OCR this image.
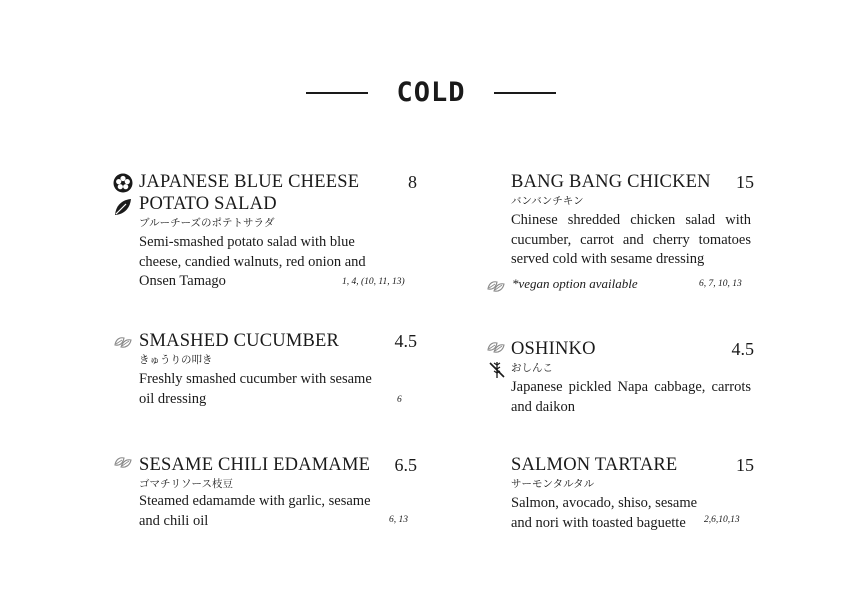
COLD
JAPANESE BLUE CHEESE
POTATO SALAD
8
ブルーチーズのポテトサラダ
Semi-smashed potato salad with blue cheese, candied walnuts, red onion and Onsen Tamago	1, 4, (10, 11, 13)
SMASHED CUCUMBER	4.5
きゅうりの叩き
Freshly smashed cucumber with sesame oil dressing	6
SESAME CHILI EDAMAME	6.5
ゴマチリソース枝豆
Steamed edamamde with garlic, sesame and chili oil	6, 13
BANG BANG CHICKEN	15
バンバンチキン
Chinese shredded chicken salad with cucumber, carrot and cherry tomatoes served cold with sesame dressing
6, 7, 10, 13
*vegan option available
OSHINKO	4.5
おしんこ
Japanese pickled Napa cabbage, carrots and daikon
SALMON TARTARE	15
サーモンタルタル
Salmon, avocado, shiso, sesame and nori with toasted baguette	2,6,10,13
